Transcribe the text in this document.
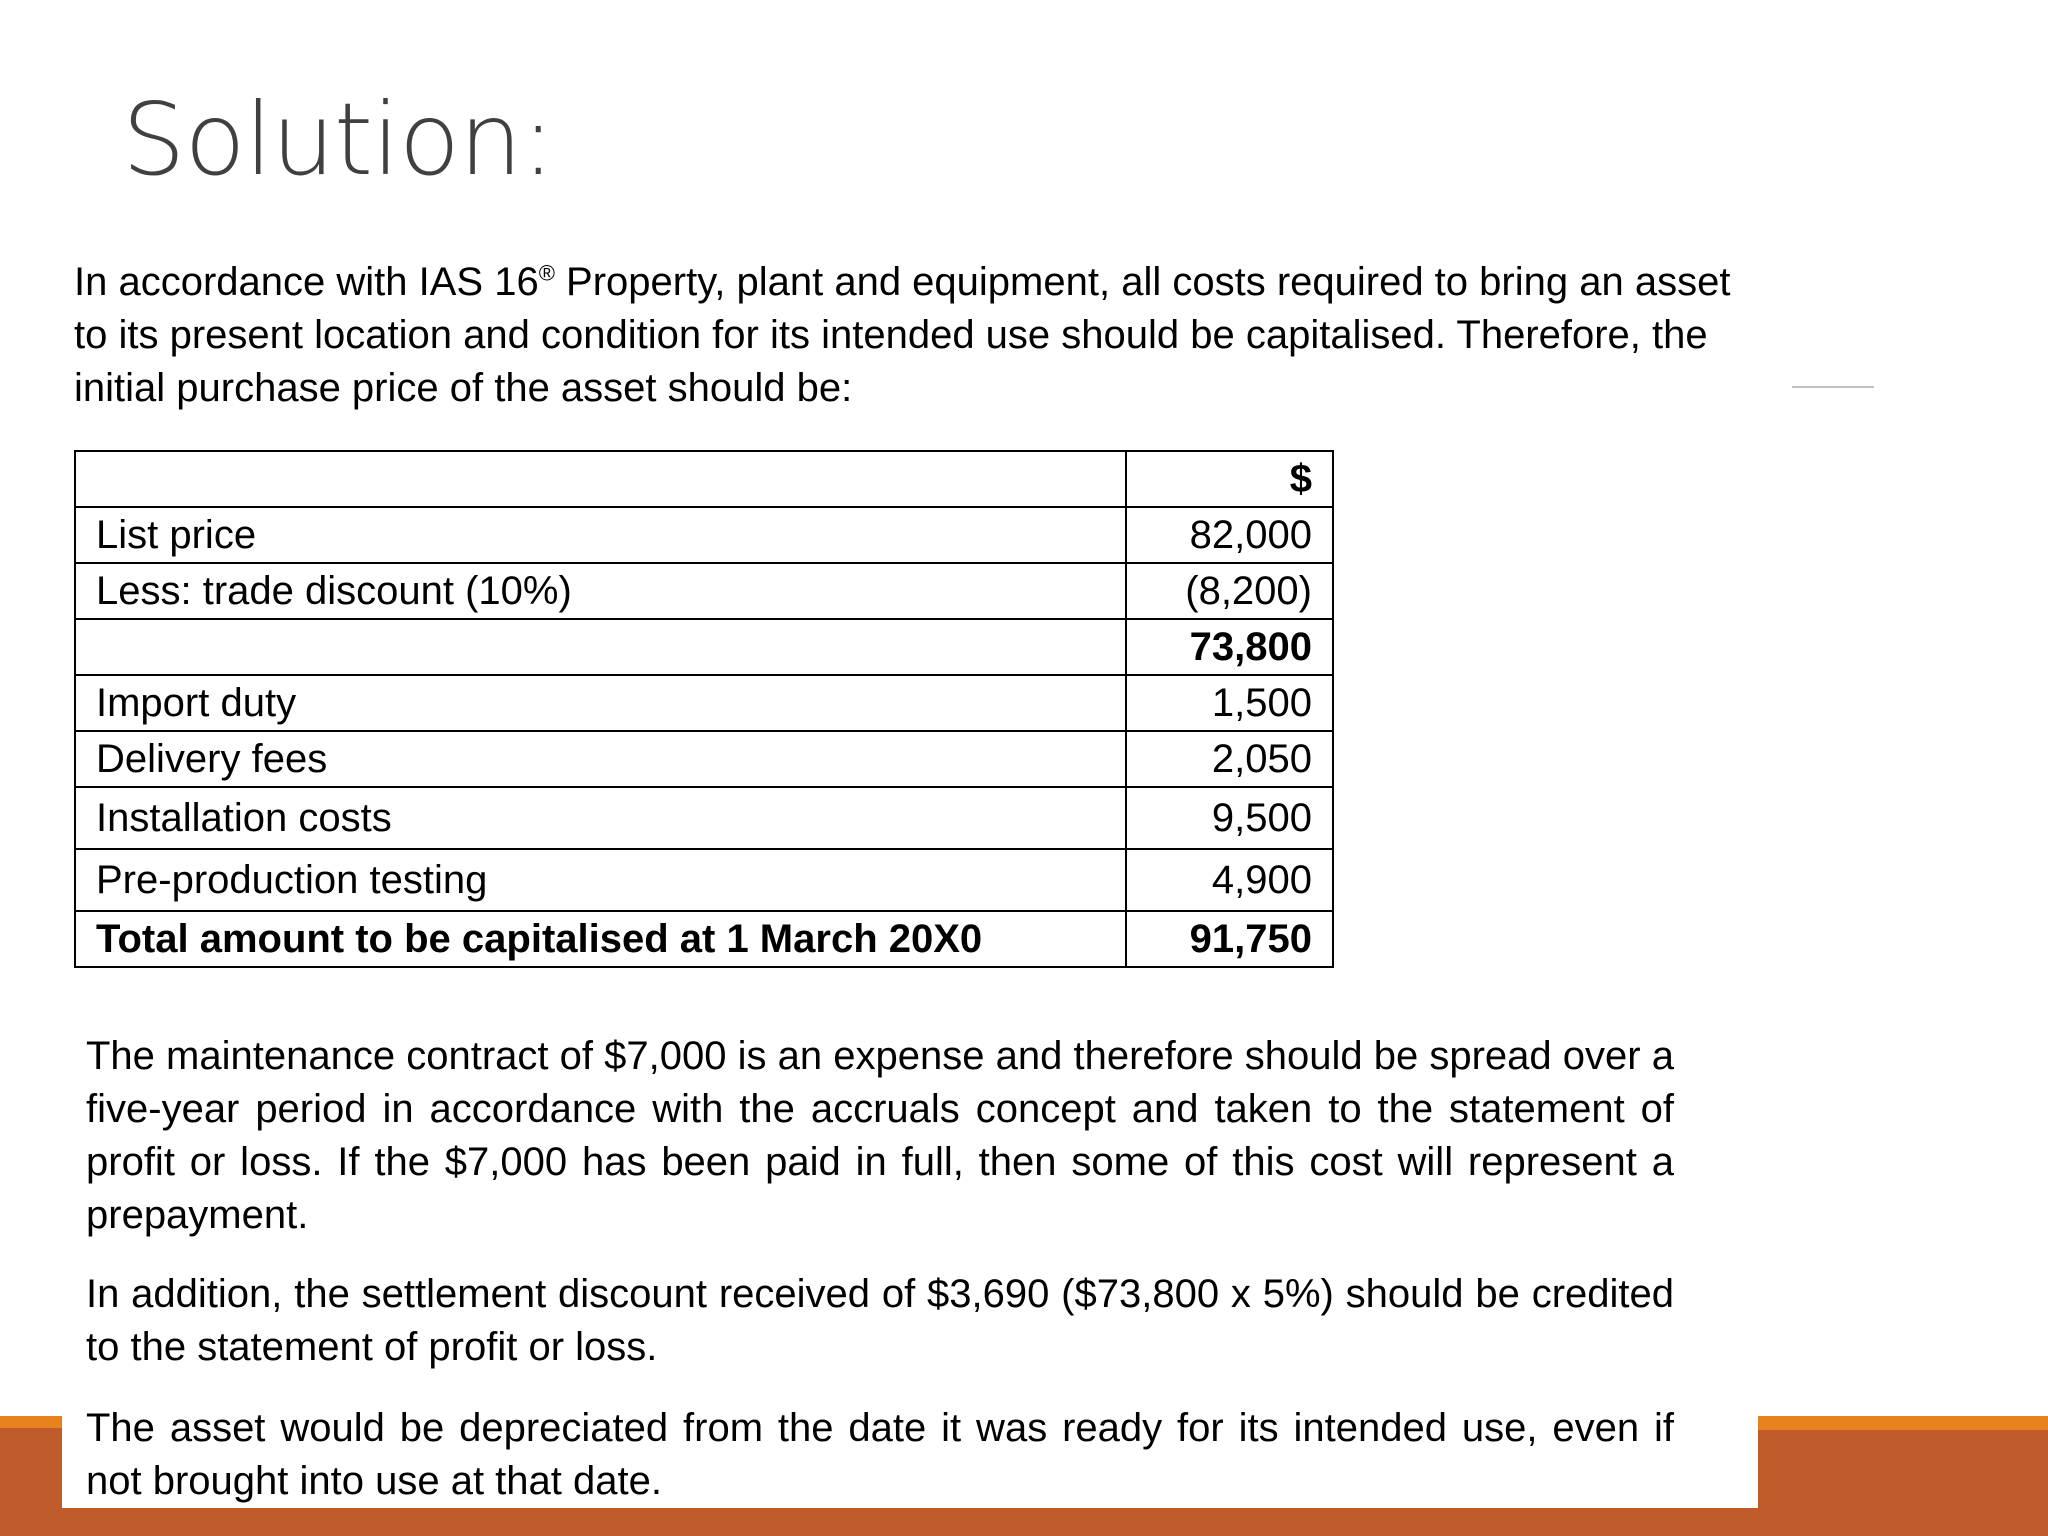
Solution:

In accordance with IAS 16® Property, plant and equipment, all costs required to bring an asset to its present location and condition for its intended use should be capitalised. Therefore, the initial purchase price of the asset should be:

	$
List price	82,000
Less: trade discount (10%)	(8,200)
	73,800
Import duty	1,500
Delivery fees	2,050
Installation costs	9,500
Pre-production testing	4,900
Total amount to be capitalised at 1 March 20X0	91,750

The maintenance contract of $7,000 is an expense and therefore should be spread over a five-year period in accordance with the accruals concept and taken to the statement of profit or loss. If the $7,000 has been paid in full, then some of this cost will represent a prepayment.

In addition, the settlement discount received of $3,690 ($73,800 x 5%) should be credited to the statement of profit or loss.

The asset would be depreciated from the date it was ready for its intended use, even if not brought into use at that date.
